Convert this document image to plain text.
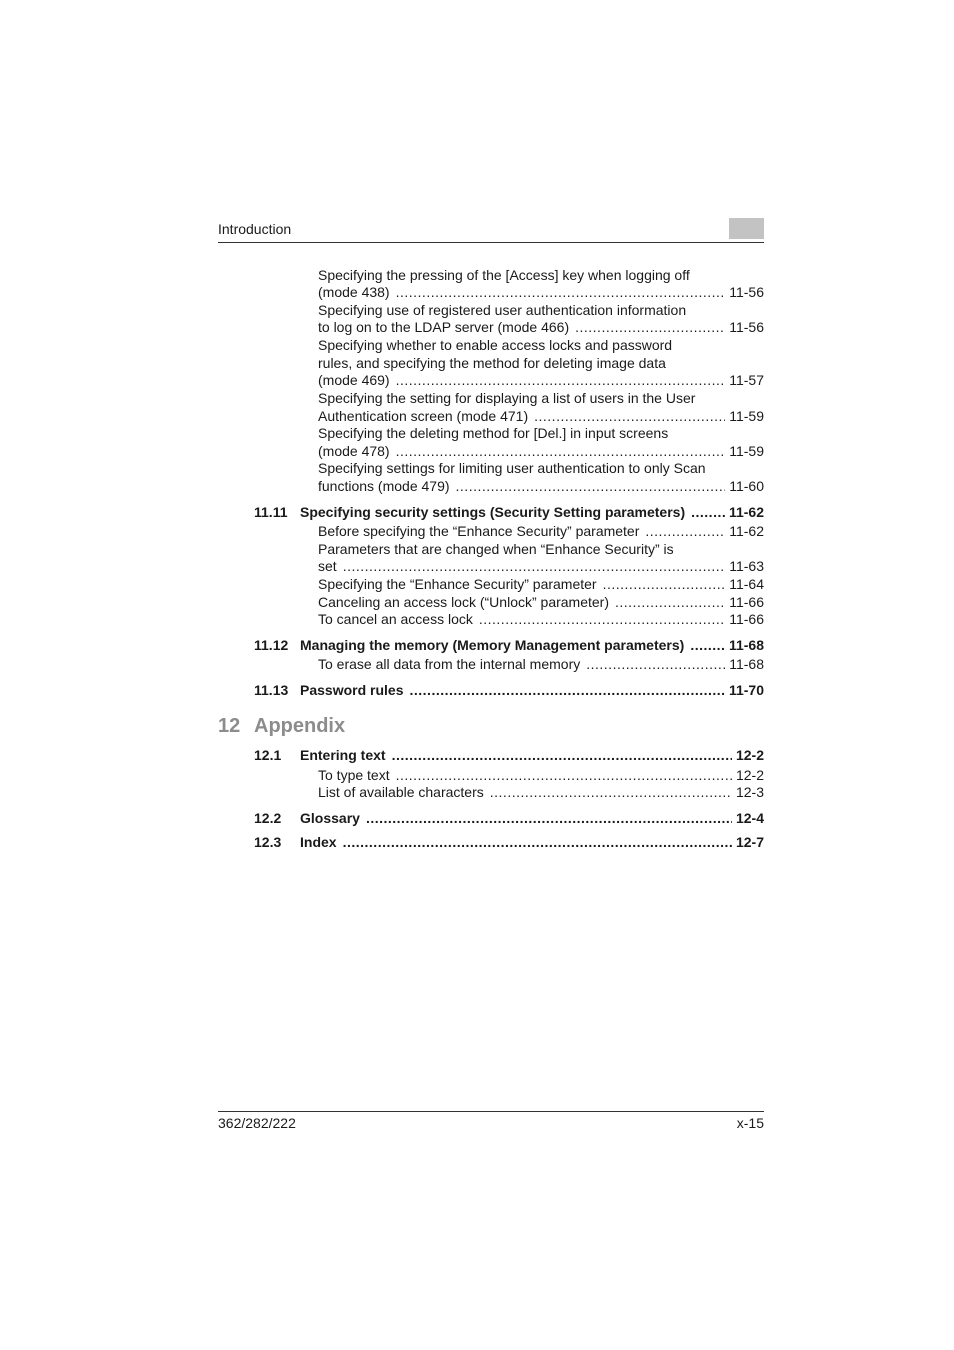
Introduction
Specifying the pressing of the [Access] key when logging off
(mode 438) .....	11-56
Specifying use of registered user authentication information
to log on to the LDAP server (mode 466) .....	11-56
Specifying whether to enable access locks and password
rules, and specifying the method for deleting image data
(mode 469) .....	11-57
Specifying the setting for displaying a list of users in the User
Authentication screen (mode 471) .....	11-59
Specifying the deleting method for [Del.] in input screens
(mode 478) .....	11-59
Specifying settings for limiting user authentication to only Scan
functions (mode 479) .....	11-60
11.11 Specifying security settings (Security Setting parameters) .....	11-62
Before specifying the “Enhance Security” parameter .....	11-62
Parameters that are changed when “Enhance Security” is
set .....	11-63
Specifying the “Enhance Security” parameter .....	11-64
Canceling an access lock (“Unlock” parameter) .....	11-66
To cancel an access lock .....	11-66
11.12 Managing the memory (Memory Management parameters) .....	11-68
To erase all data from the internal memory .....	11-68
11.13 Password rules .....	11-70
12 Appendix
12.1 Entering text .....	12-2
To type text .....	12-2
List of available characters .....	12-3
12.2 Glossary .....	12-4
12.3 Index .....	12-7
362/282/222	x-15
